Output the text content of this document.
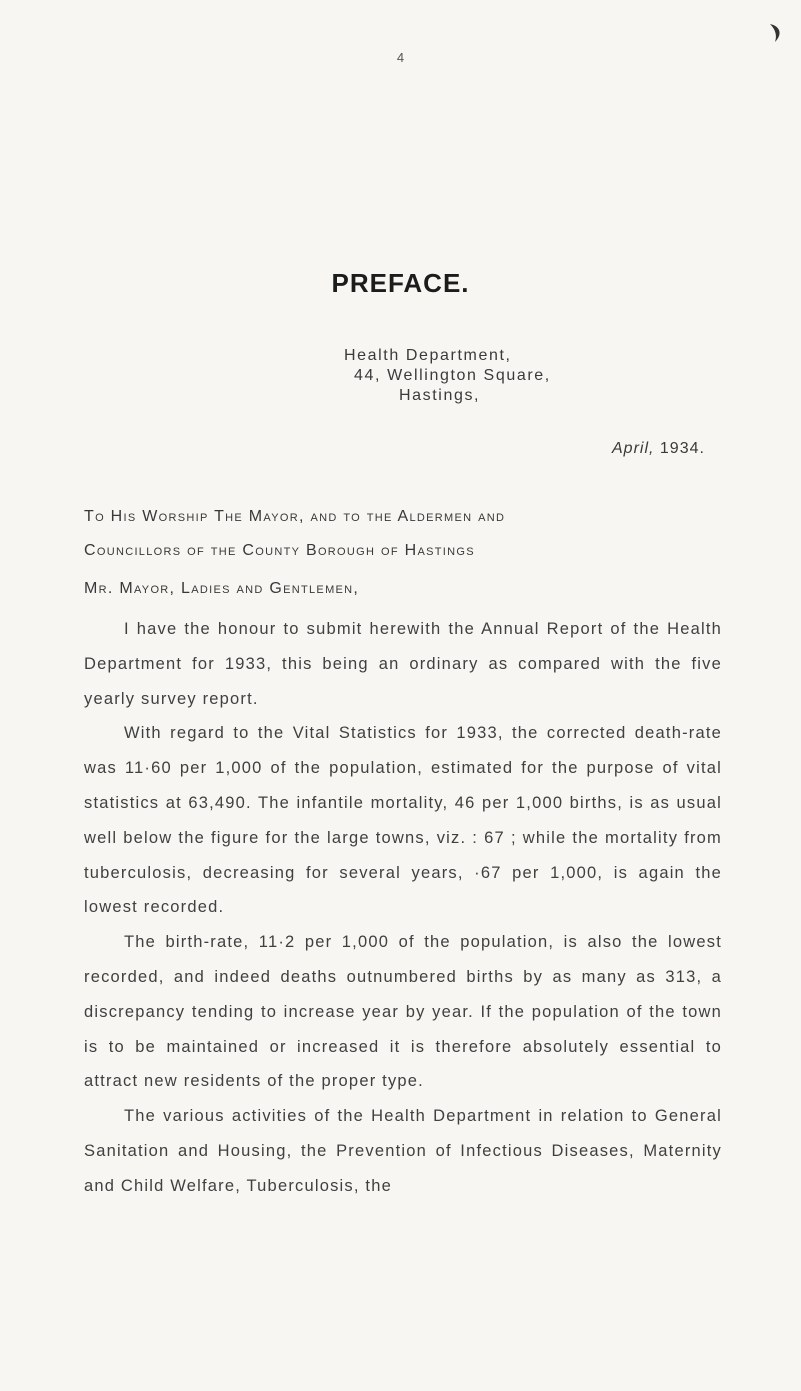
4
PREFACE.
Health Department,
44, Wellington Square,
Hastings,
April, 1934.
To His Worship The Mayor, and to the Aldermen and
Councillors of the County Borough of Hastings
Mr. Mayor, Ladies and Gentlemen,

I have the honour to submit herewith the Annual Report of the Health Department for 1933, this being an ordinary as compared with the five yearly survey report.

With regard to the Vital Statistics for 1933, the corrected death-rate was 11·60 per 1,000 of the population, estimated for the purpose of vital statistics at 63,490. The infantile mortality, 46 per 1,000 births, is as usual well below the figure for the large towns, viz. : 67 ; while the mortality from tuberculosis, decreasing for several years, ·67 per 1,000, is again the lowest recorded.

The birth-rate, 11·2 per 1,000 of the population, is also the lowest recorded, and indeed deaths outnumbered births by as many as 313, a discrepancy tending to increase year by year. If the population of the town is to be maintained or increased it is therefore absolutely essential to attract new residents of the proper type.

The various activities of the Health Department in relation to General Sanitation and Housing, the Prevention of Infectious Diseases, Maternity and Child Welfare, Tuberculosis, the
